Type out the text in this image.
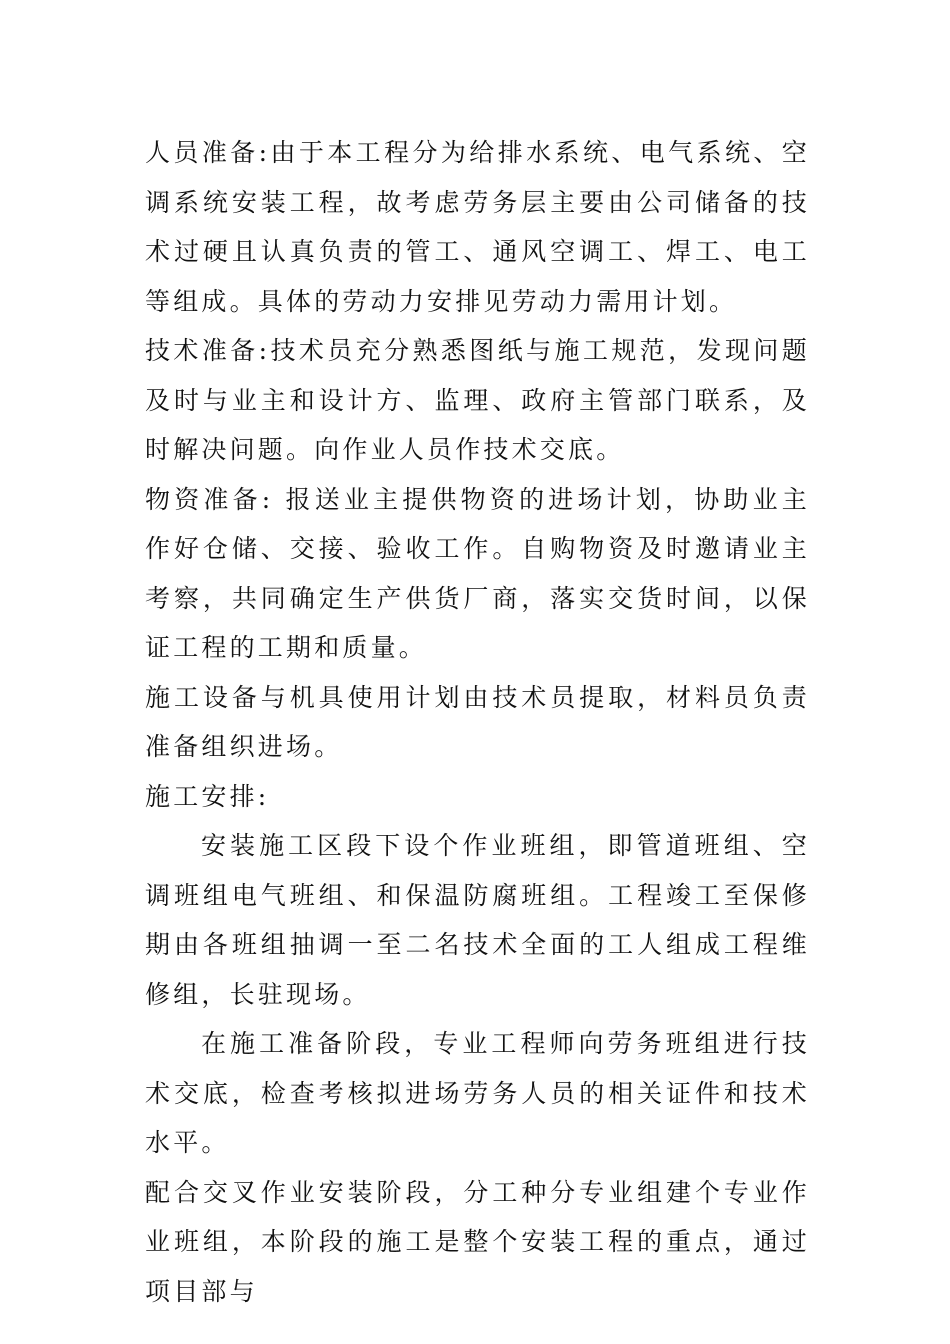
人员准备:由于本工程分为给排水系统、电气系统、空调系统安装工程，故考虑劳务层主要由公司储备的技术过硬且认真负责的管工、通风空调工、焊工、电工等组成。具体的劳动力安排见劳动力需用计划。

技术准备:技术员充分熟悉图纸与施工规范，发现问题及时与业主和设计方、监理、政府主管部门联系，及时解决问题。向作业人员作技术交底。

物资准备: 报送业主提供物资的进场计划，协助业主作好仓储、交接、验收工作。自购物资及时邀请业主考察，共同确定生产供货厂商，落实交货时间，以保证工程的工期和质量。

施工设备与机具使用计划由技术员提取，材料员负责准备组织进场。

施工安排:

安装施工区段下设个作业班组，即管道班组、空调班组电气班组、和保温防腐班组。工程竣工至保修期由各班组抽调一至二名技术全面的工人组成工程维修组，长驻现场。

在施工准备阶段，专业工程师向劳务班组进行技术交底，检查考核拟进场劳务人员的相关证件和技术水平。

配合交叉作业安装阶段，分工种分专业组建个专业作业班组，本阶段的施工是整个安装工程的重点，通过项目部与
